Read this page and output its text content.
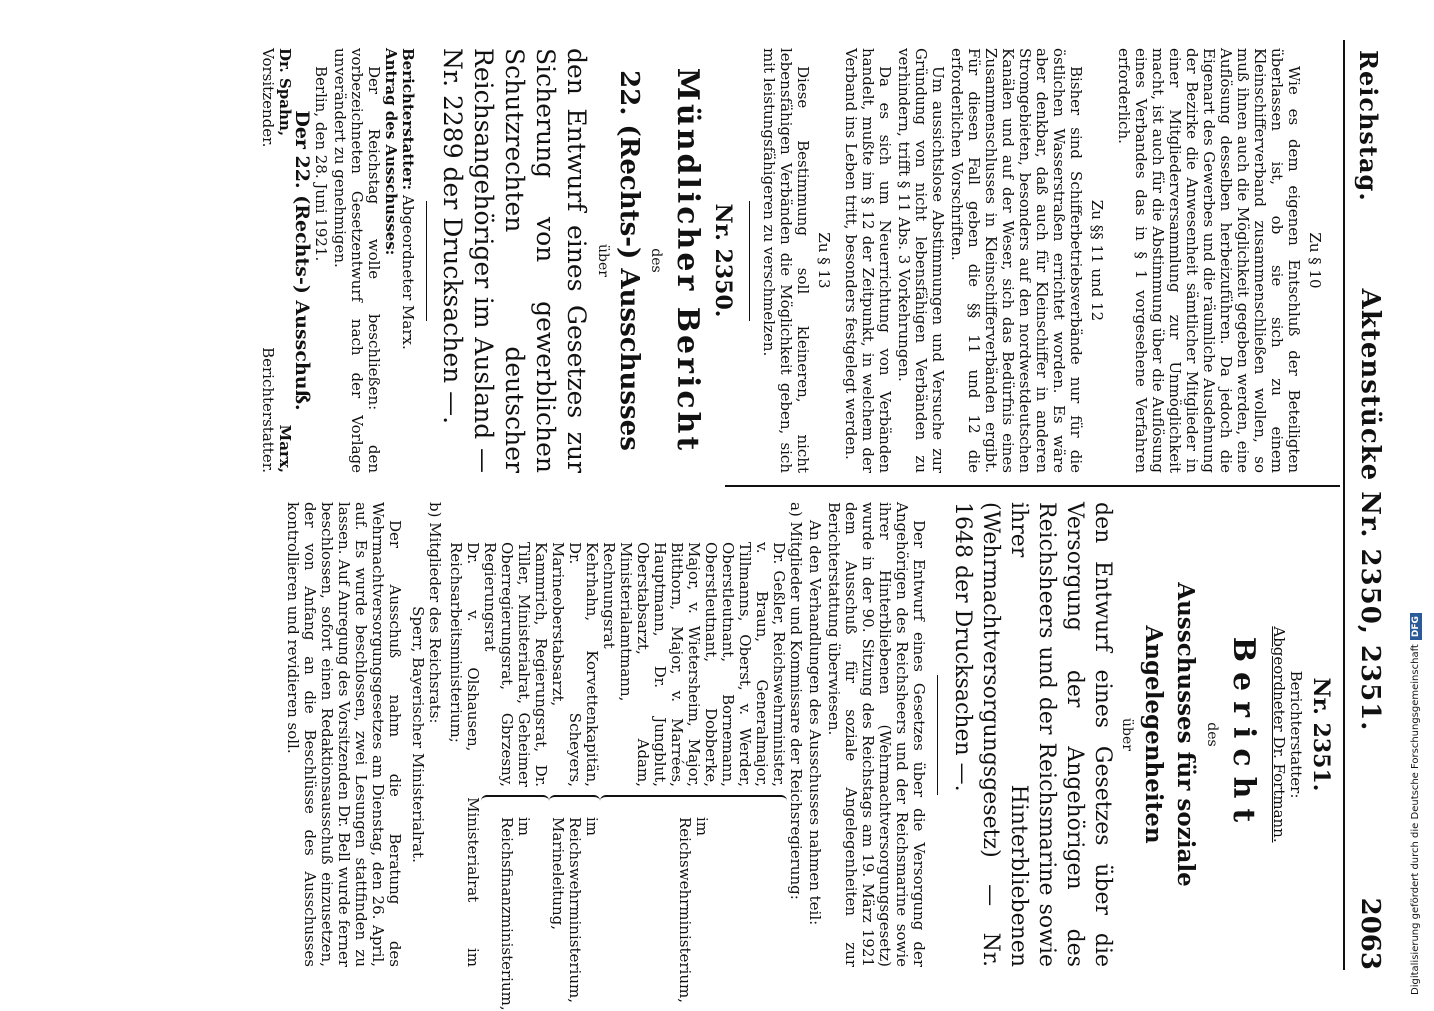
Reichstag.
Aktenstücke Nr. 2350, 2351.
2063
Zu § 10

Wie es dem eigenen Entschluß der Beteiligten überlassen ist, ob sie sich zu einem Kleinschifferverband zusammenschließen wollen, so muß ihnen auch die Möglichkeit gegeben werden, eine Auflösung desselben herbeizuführen. Da jedoch die Eigenart des Gewerbes und die räumliche Ausdehnung der Bezirke die Anwesenheit sämtlicher Mitglieder in einer Mitgliederversammlung zur Unmöglichkeit macht, ist auch für die Abstimmung über die Auflösung eines Verbandes das in § 1 vorgesehene Verfahren erforderlich.

Zu §§ 11 und 12

Bisher sind Schifferbetriebsverbände nur für die östlichen Wasserstraßen errichtet worden. Es wäre aber denkbar, daß auch für Kleinschiffer in anderen Stromgebieten, besonders auf den nordwestdeutschen Kanälen und auf der Weser, sich das Bedürfnis eines Zusammenschlusses in Kleinschifferverbänden ergibt. Für diesen Fall geben die §§ 11 und 12 die erforderlichen Vorschriften.

Um aussichtslose Abstimmungen und Versuche zur Gründung von nicht lebensfähigen Verbänden zu verhindern, trifft § 11 Abs. 3 Vorkehrungen.

Da es sich um Neuerrichtung von Verbänden handelt, mußte im § 12 der Zeitpunkt, in welchem der Verband ins Leben tritt, besonders festgelegt werden.

Zu § 13

Diese Bestimmung soll kleineren, nicht lebensfähigen Verbänden die Möglichkeit geben, sich mit leistungsfähigeren zu verschmelzen.

Nr. 2350.
Mündlicher Bericht
des
22. (Rechts-) Ausschusses
über
den Entwurf eines Gesetzes zur Sicherung von gewerblichen Schutzrechten deutscher Reichsangehöriger im Ausland — Nr. 2289 der Drucksachen —.
Berichterstatter: Abgeordneter Marx.
Antrag des Ausschusses:

Der Reichstag wolle beschließen: den vorbezeichneten Gesetzentwurf nach der Vorlage unverändert zu genehmigen.

Berlin, den 28. Juni 1921.

Der 22. (Rechts-) Ausschuß.
Dr. Spahn,
Vorsitzender.
Marx,
Berichterstatter.
Nr. 2351.
Berichterstatter:
Abgeordneter Dr. Fortmann.
Bericht
des
Ausschusses für soziale Angelegenheiten
über
den Entwurf eines Gesetzes über die Versorgung der Angehörigen des Reichsheers und der Reichsmarine sowie ihrer Hinterbliebenen (Wehrmachtversorgungsgesetz) — Nr. 1648 der Drucksachen —.

Der Entwurf eines Gesetzes über die Versorgung der Angehörigen des Reichsheers und der Reichsmarine sowie ihrer Hinterbliebenen (Wehrmachtversorgungsgesetz) wurde in der 90. Sitzung des Reichstags am 19. März 1921 dem Ausschuß für soziale Angelegenheiten zur Berichterstattung überwiesen.

An den Verhandlungen des Ausschusses nahmen teil:

a) Mitglieder und Kommissare der Reichsregierung:
Dr. Geßler, Reichswehrminister, v. Braun, Generalmajor, Tillmanns, Oberst, v. Werder, Oberstleutnant, Bornemann, Oberstleutnant, Dobberke, Major, v. Wietersheim, Major, Bitthorn, Major, v. Marrées, Hauptmann, Dr. Jungblut, Oberstabsarzt, Adam, Ministerialamtmann, Rechnungsrat
im Reichswehrministerium,
Kehrhahn, Korvettenkapitän, Dr. Scheyers, Marineoberstabsarzt,
im Reichswehrministerium, Marineleitung,
Kammrich, Regierungsrat, Dr. Tiller, Ministerialrat, Geheimer Oberregierungsrat, Gbrzesny, Regierungsrat
im Reichsfinanzministerium,
Dr. v. Olshausen, Ministerialrat im Reichsarbeitsministerium;
b) Mitglieder des Reichsrats:
Sperr, Bayerischer Ministerialrat.

Der Ausschuß nahm die Beratung des Wehrmachtversorgungsgesetzes am Dienstag, den 26. April, auf. Es wurde beschlossen, zwei Lesungen stattfinden zu lassen. Auf Anregung des Vorsitzenden Dr. Bell wurde ferner beschlossen, sofort einen Redaktionsausschuß einzusetzen, der von Anfang an die Beschlüsse des Ausschusses kontrollieren und revidieren soll.

Digitalisierung gefördert durch die Deutsche ForschungsgemeinschaftDFG
